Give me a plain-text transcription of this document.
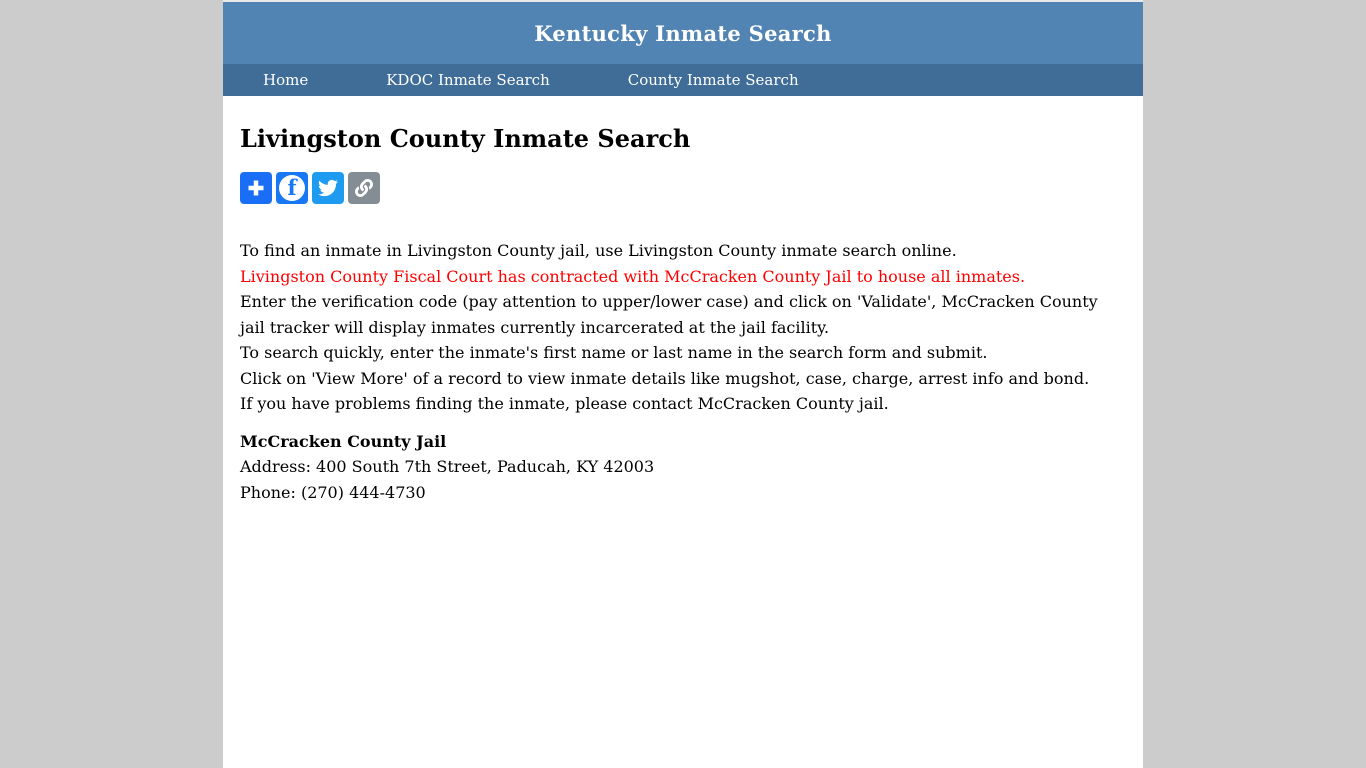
Kentucky Inmate Search
Home	KDOC Inmate Search	County Inmate Search
Livingston County Inmate Search
f
To find an inmate in Livingston County jail, use Livingston County inmate search online.
Livingston County Fiscal Court has contracted with McCracken County Jail to house all inmates.
Enter the verification code (pay attention to upper/lower case) and click on 'Validate', McCracken County jail tracker will display inmates currently incarcerated at the jail facility.
To search quickly, enter the inmate's first name or last name in the search form and submit.
Click on 'View More' of a record to view inmate details like mugshot, case, charge, arrest info and bond.
If you have problems finding the inmate, please contact McCracken County jail.
McCracken County Jail
Address: 400 South 7th Street, Paducah, KY 42003
Phone: (270) 444-4730
